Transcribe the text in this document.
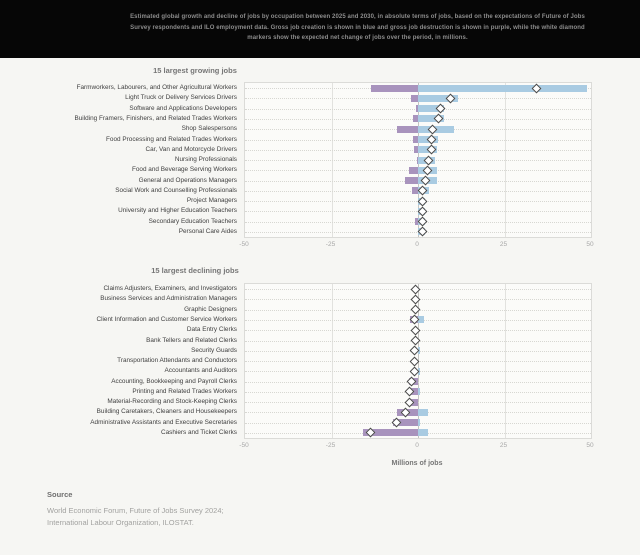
Estimated global growth and decline of jobs by occupation between 2025 and 2030, in absolute terms of jobs, based on the expectations of Future of Jobs Survey respondents and ILO employment data. Gross job creation is shown in blue and gross job destruction is shown in purple, while the white diamond markers show the expected net change of jobs over the period, in millions.
15 largest growing jobs
Farmworkers, Labourers, and Other Agricultural Workers
Light Truck or Delivery Services Drivers
Software and Applications Developers
Building Framers, Finishers, and Related Trades Workers
Shop Salespersons
Food Processing and Related Trades Workers
Car, Van and Motorcycle Drivers
Nursing Professionals
Food and Beverage Serving Workers
General and Operations Managers
Social Work and Counselling Professionals
Project Managers
University and Higher Education Teachers
Secondary Education Teachers
Personal Care Aides
-50	-25	0	25	50
15 largest declining jobs
Claims Adjusters, Examiners, and Investigators
Business Services and Administration Managers
Graphic Designers
Client Information and Customer Service Workers
Data Entry Clerks
Bank Tellers and Related Clerks
Security Guards
Transportation Attendants and Conductors
Accountants and Auditors
Accounting, Bookkeeping and Payroll Clerks
Printing and Related Trades Workers
Material-Recording and Stock-Keeping Clerks
Building Caretakers, Cleaners and Housekeepers
Administrative Assistants and Executive Secretaries
Cashiers and Ticket Clerks
-50	-25	0	25	50
Millions of jobs
Source
World Economic Forum, Future of Jobs Survey 2024;
International Labour Organization, ILOSTAT.
